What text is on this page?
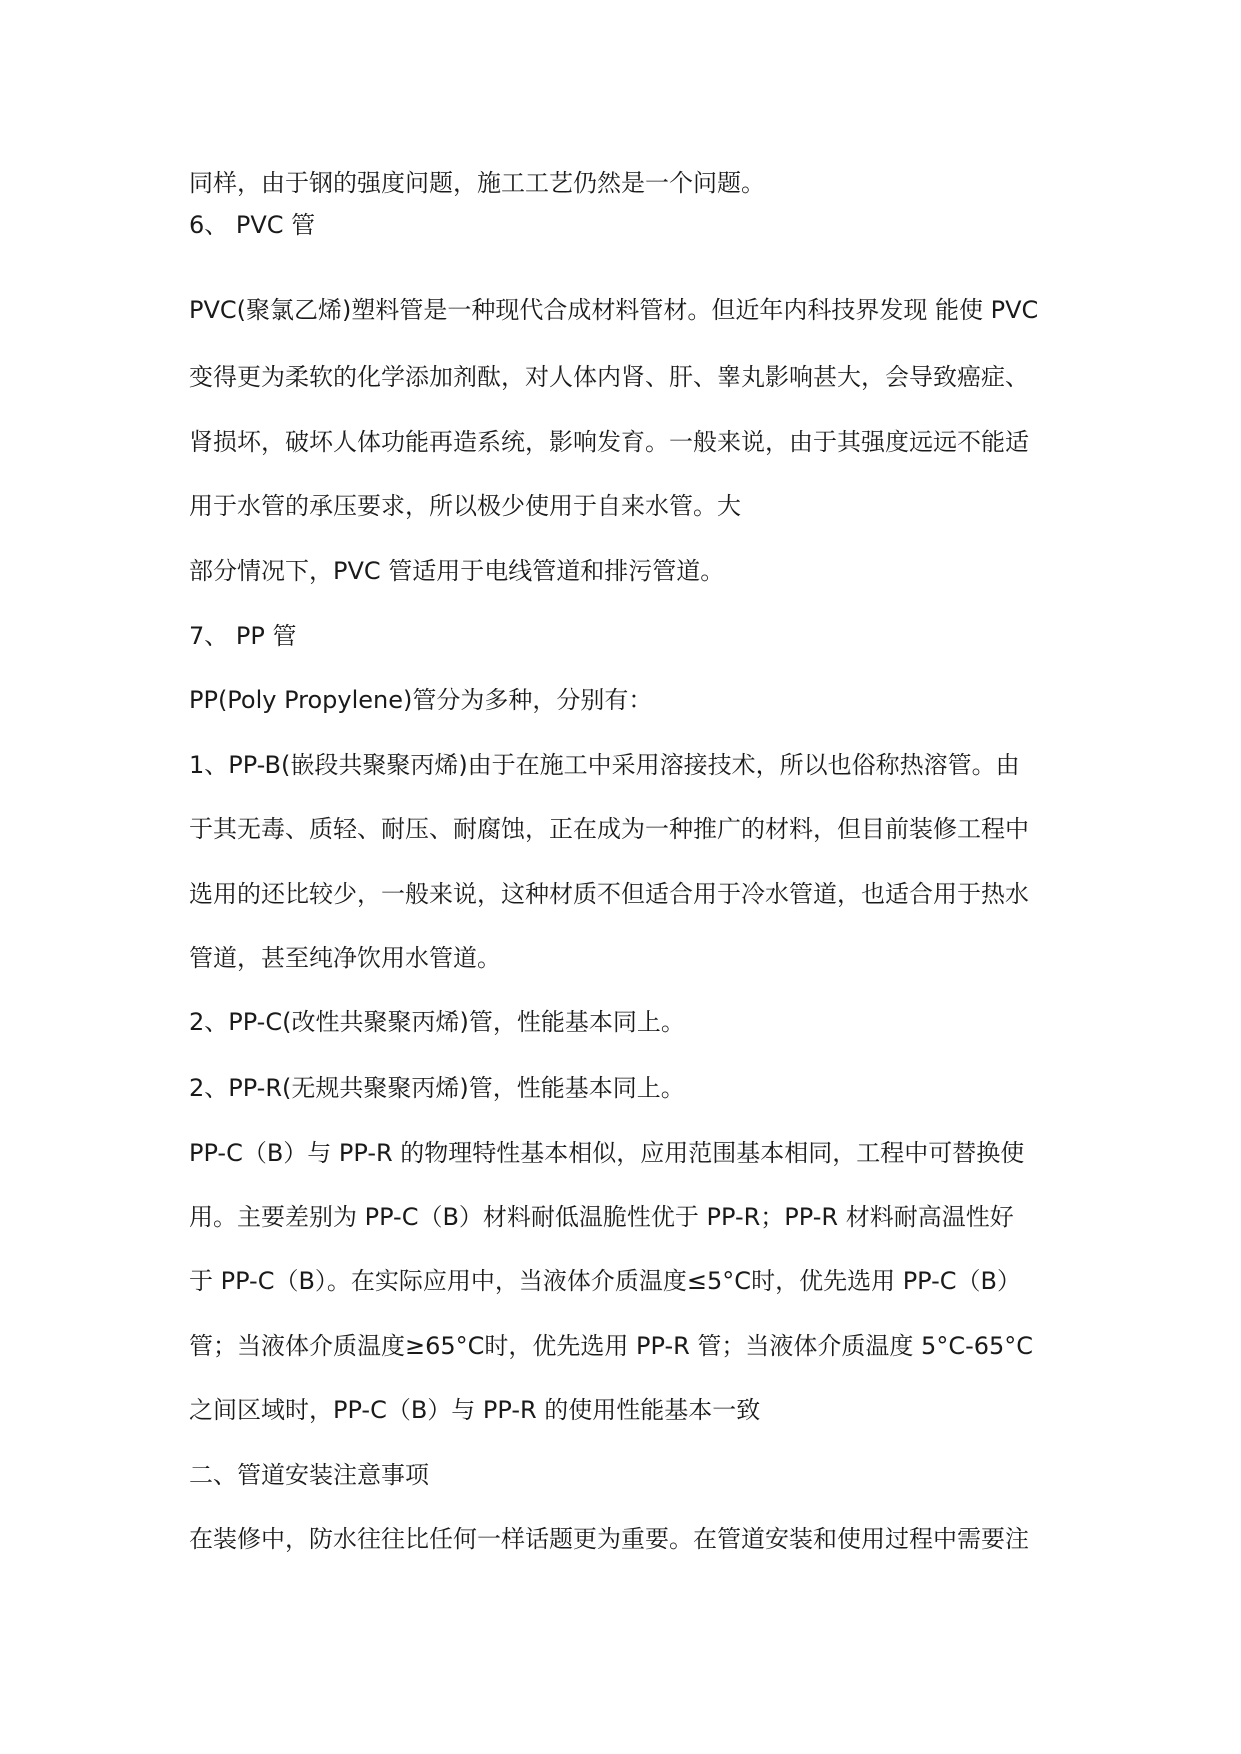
同样，由于钢的强度问题，施工工艺仍然是一个问题。
6、 PVC 管
PVC(聚氯乙烯)塑料管是一种现代合成材料管材。但近年内科技界发现 能使 PVC
变得更为柔软的化学添加剂酞，对人体内肾、肝、睾丸影响甚大，会导致癌症、
肾损坏，破坏人体功能再造系统，影响发育。一般来说，由于其强度远远不能适
用于水管的承压要求，所以极少使用于自来水管。大
部分情况下，PVC 管适用于电线管道和排污管道。
7、 PP 管
PP(Poly Propylene)管分为多种，分别有：
1、PP-B(嵌段共聚聚丙烯)由于在施工中采用溶接技术，所以也俗称热溶管。由
于其无毒、质轻、耐压、耐腐蚀，正在成为一种推广的材料，但目前装修工程中
选用的还比较少，一般来说，这种材质不但适合用于冷水管道，也适合用于热水
管道，甚至纯净饮用水管道。
2、PP-C(改性共聚聚丙烯)管，性能基本同上。
2、PP-R(无规共聚聚丙烯)管，性能基本同上。
PP-C（B）与 PP-R 的物理特性基本相似，应用范围基本相同，工程中可替换使
用。主要差别为 PP-C（B）材料耐低温脆性优于 PP-R；PP-R 材料耐高温性好
于 PP-C（B）。在实际应用中，当液体介质温度≤5°C时，优先选用 PP-C（B）
管；当液体介质温度≥65°C时，优先选用 PP-R 管；当液体介质温度 5°C-65°C
之间区域时，PP-C（B）与 PP-R 的使用性能基本一致
二、管道安装注意事项
在装修中，防水往往比任何一样话题更为重要。在管道安装和使用过程中需要注
